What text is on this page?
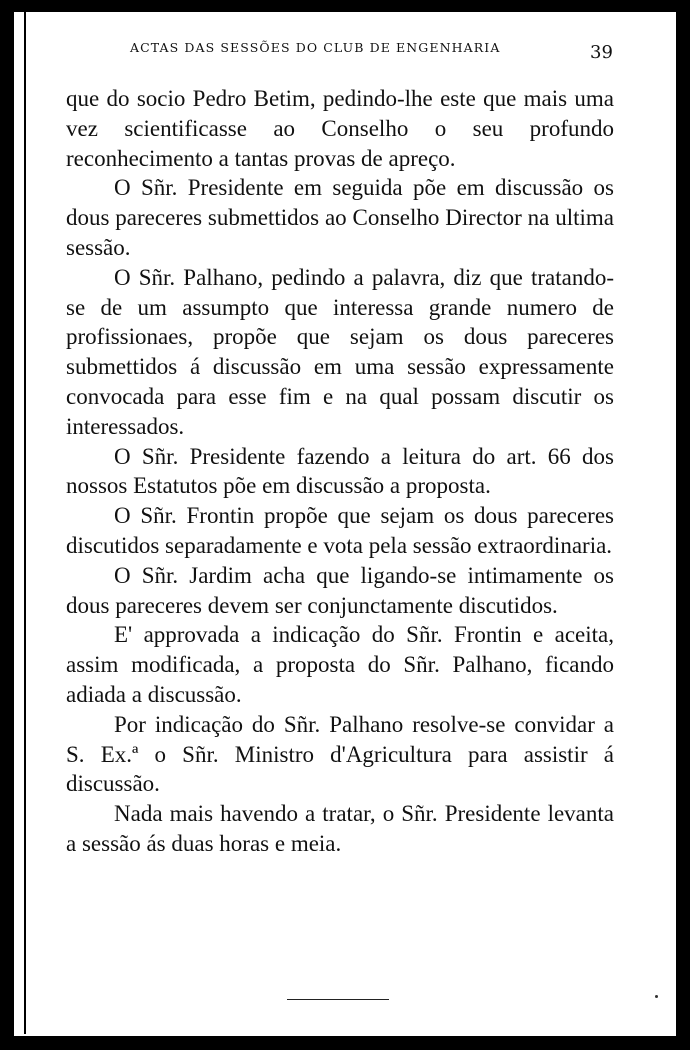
ACTAS DAS SESSÕES DO CLUB DE ENGENHARIA	39

que do socio Pedro Betim, pedindo-lhe este que mais uma vez scientificasse ao Conselho o seu profundo reconhecimento a tantas provas de apreço.

O Sñr. Presidente em seguida põe em discussão os dous pareceres submettidos ao Conselho Director na ultima sessão.

O Sñr. Palhano, pedindo a palavra, diz que tratando-se de um assumpto que interessa grande numero de profissionaes, propõe que sejam os dous pareceres submettidos á discussão em uma sessão expressamente convocada para esse fim e na qual possam discutir os interessados.

O Sñr. Presidente fazendo a leitura do art. 66 dos nossos Estatutos põe em discussão a proposta.

O Sñr. Frontin propõe que sejam os dous pareceres discutidos separadamente e vota pela sessão extraordinaria.

O Sñr. Jardim acha que ligando-se intimamente os dous pareceres devem ser conjunctamente discutidos.

E' approvada a indicação do Sñr. Frontin e aceita, assim modificada, a proposta do Sñr. Palhano, ficando adiada a discussão.

Por indicação do Sñr. Palhano resolve-se convidar a S. Ex.ª o Sñr. Ministro d'Agricultura para assistir á discussão.

Nada mais havendo a tratar, o Sñr. Presidente levanta a sessão ás duas horas e meia.
